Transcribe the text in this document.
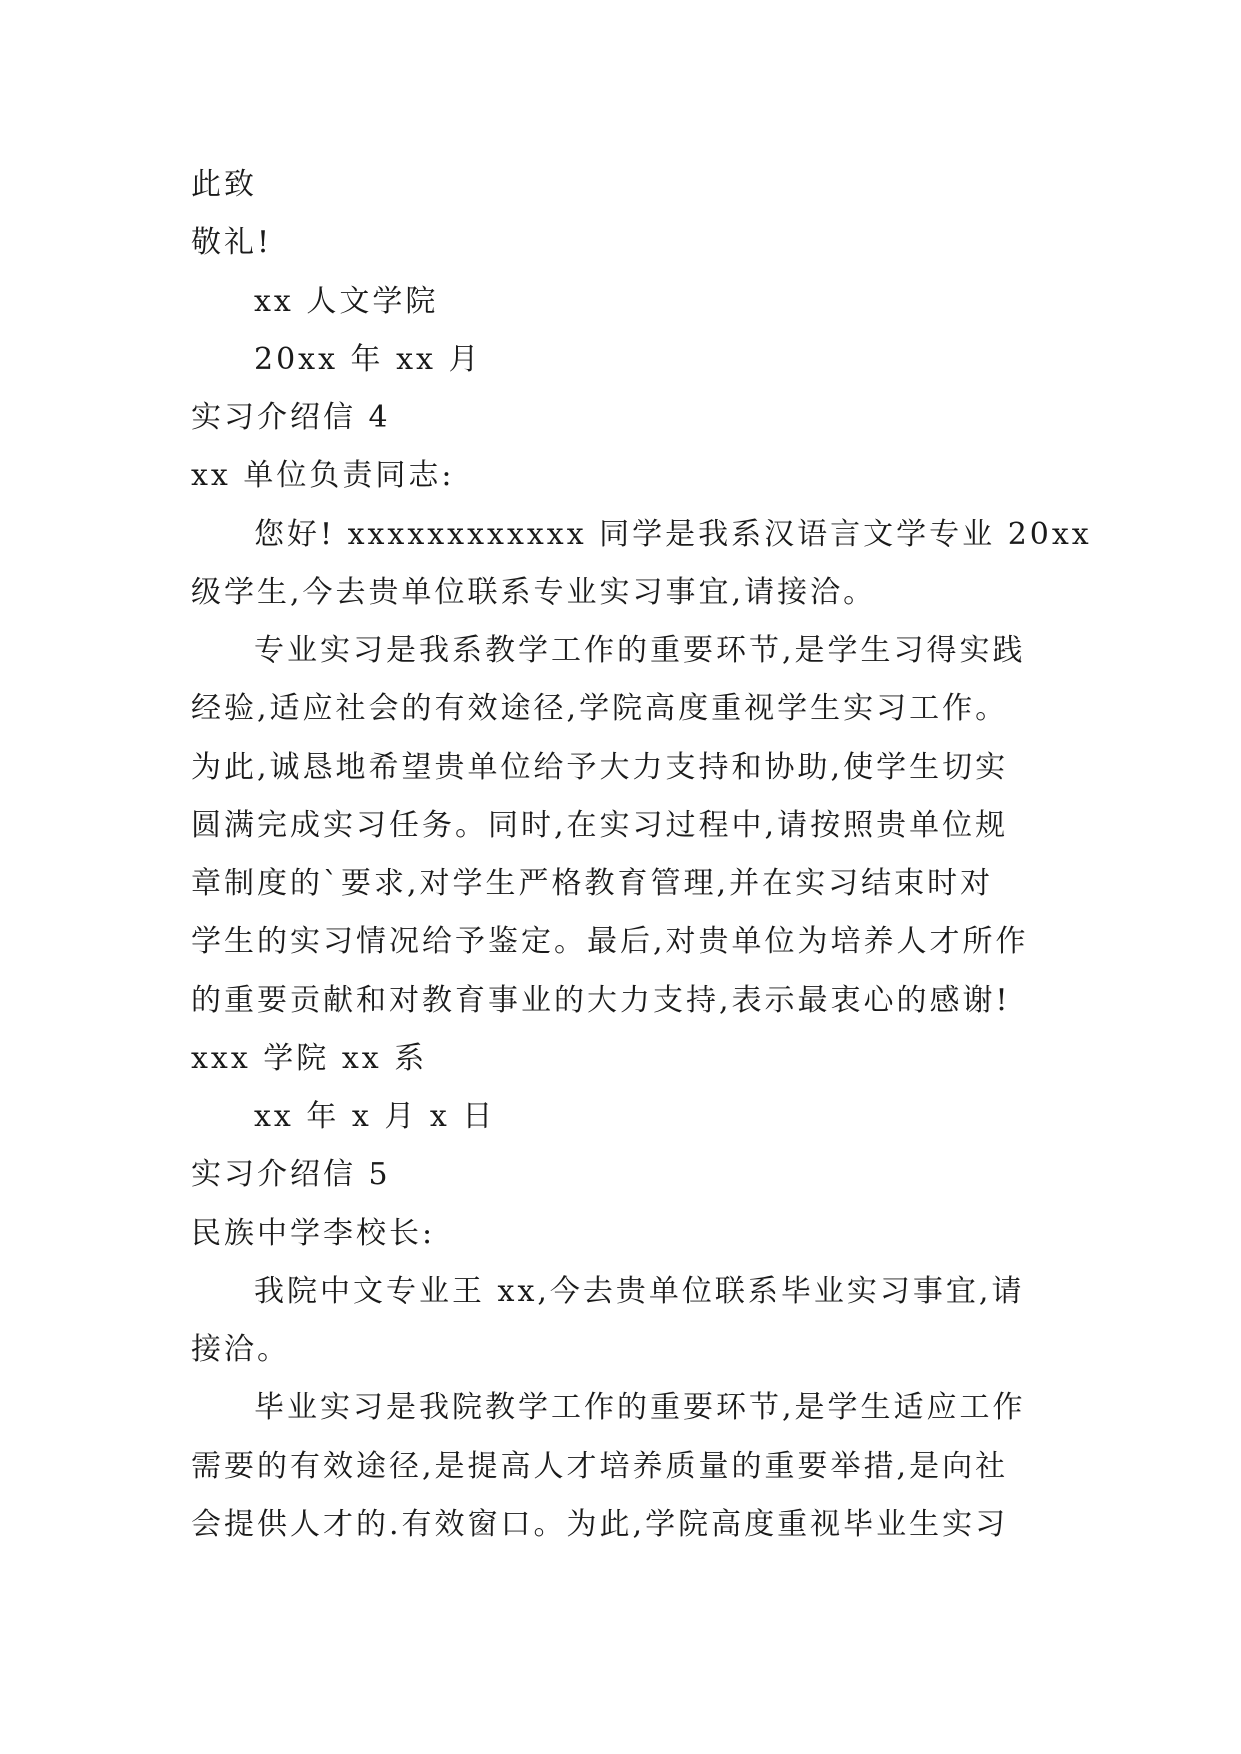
此致
敬礼!
xx 人文学院
20xx 年 xx 月
实习介绍信 4
xx 单位负责同志:
您好! xxxxxxxxxxxx 同学是我系汉语言文学专业 20xx
级学生,今去贵单位联系专业实习事宜,请接洽。
专业实习是我系教学工作的重要环节,是学生习得实践
经验,适应社会的有效途径,学院高度重视学生实习工作。
为此,诚恳地希望贵单位给予大力支持和协助,使学生切实
圆满完成实习任务。同时,在实习过程中,请按照贵单位规
章制度的`要求,对学生严格教育管理,并在实习结束时对
学生的实习情况给予鉴定。最后,对贵单位为培养人才所作
的重要贡献和对教育事业的大力支持,表示最衷心的感谢!
xxx 学院 xx 系
xx 年 x 月 x 日
实习介绍信 5
民族中学李校长:
我院中文专业王 xx,今去贵单位联系毕业实习事宜,请
接洽。
毕业实习是我院教学工作的重要环节,是学生适应工作
需要的有效途径,是提高人才培养质量的重要举措,是向社
会提供人才的.有效窗口。为此,学院高度重视毕业生实习
